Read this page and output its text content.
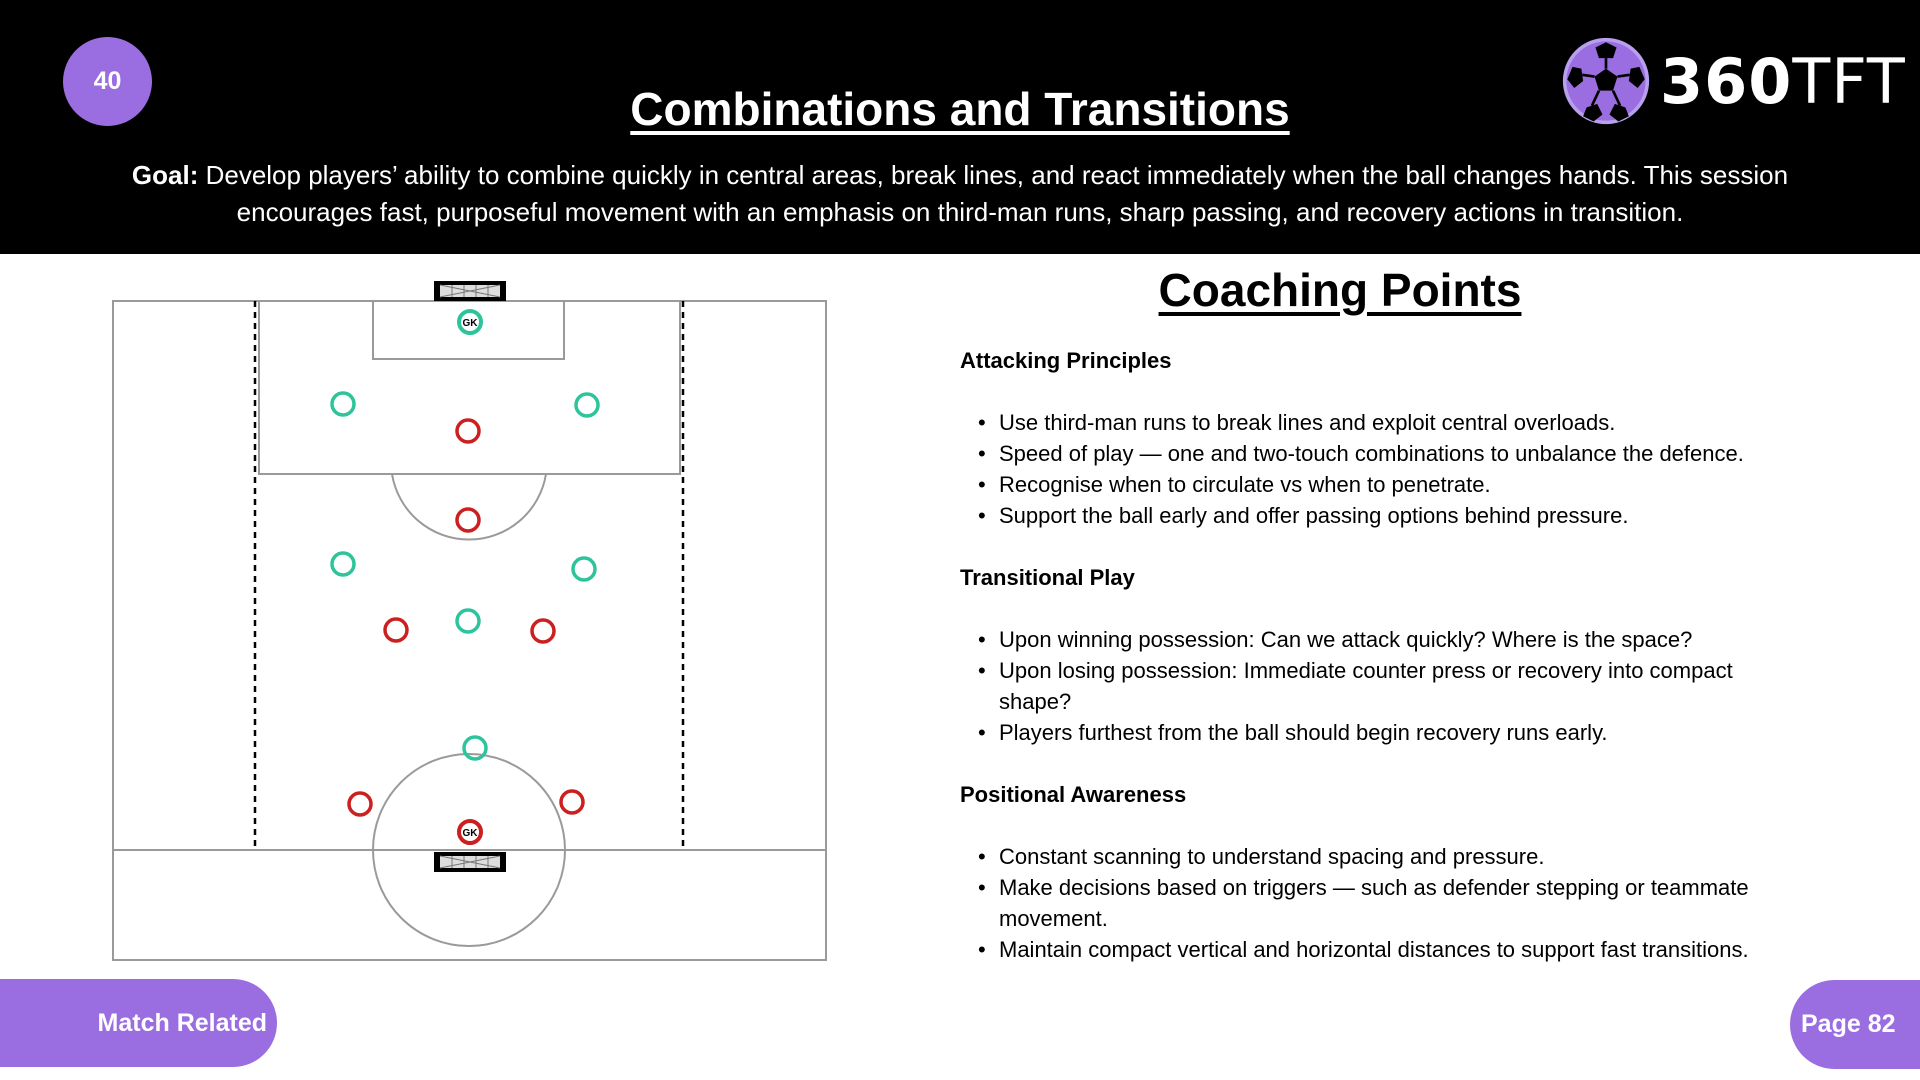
40
Combinations and Transitions
Goal: Develop players’ ability to combine quickly in central areas, break lines, and react immediately when the ball changes hands. This session encourages fast, purposeful movement with an emphasis on third-man runs, sharp passing, and recovery actions in transition.
360TFT
GK
GK
Coaching Points
Attacking Principles
• Use third-man runs to break lines and exploit central overloads.
• Speed of play — one and two-touch combinations to unbalance the defence.
• Recognise when to circulate vs when to penetrate.
• Support the ball early and offer passing options behind pressure.
Transitional Play
• Upon winning possession: Can we attack quickly? Where is the space?
• Upon losing possession: Immediate counter press or recovery into compact shape?
• Players furthest from the ball should begin recovery runs early.
Positional Awareness
• Constant scanning to understand spacing and pressure.
• Make decisions based on triggers — such as defender stepping or teammate movement.
• Maintain compact vertical and horizontal distances to support fast transitions.
Match Related	Page 82
